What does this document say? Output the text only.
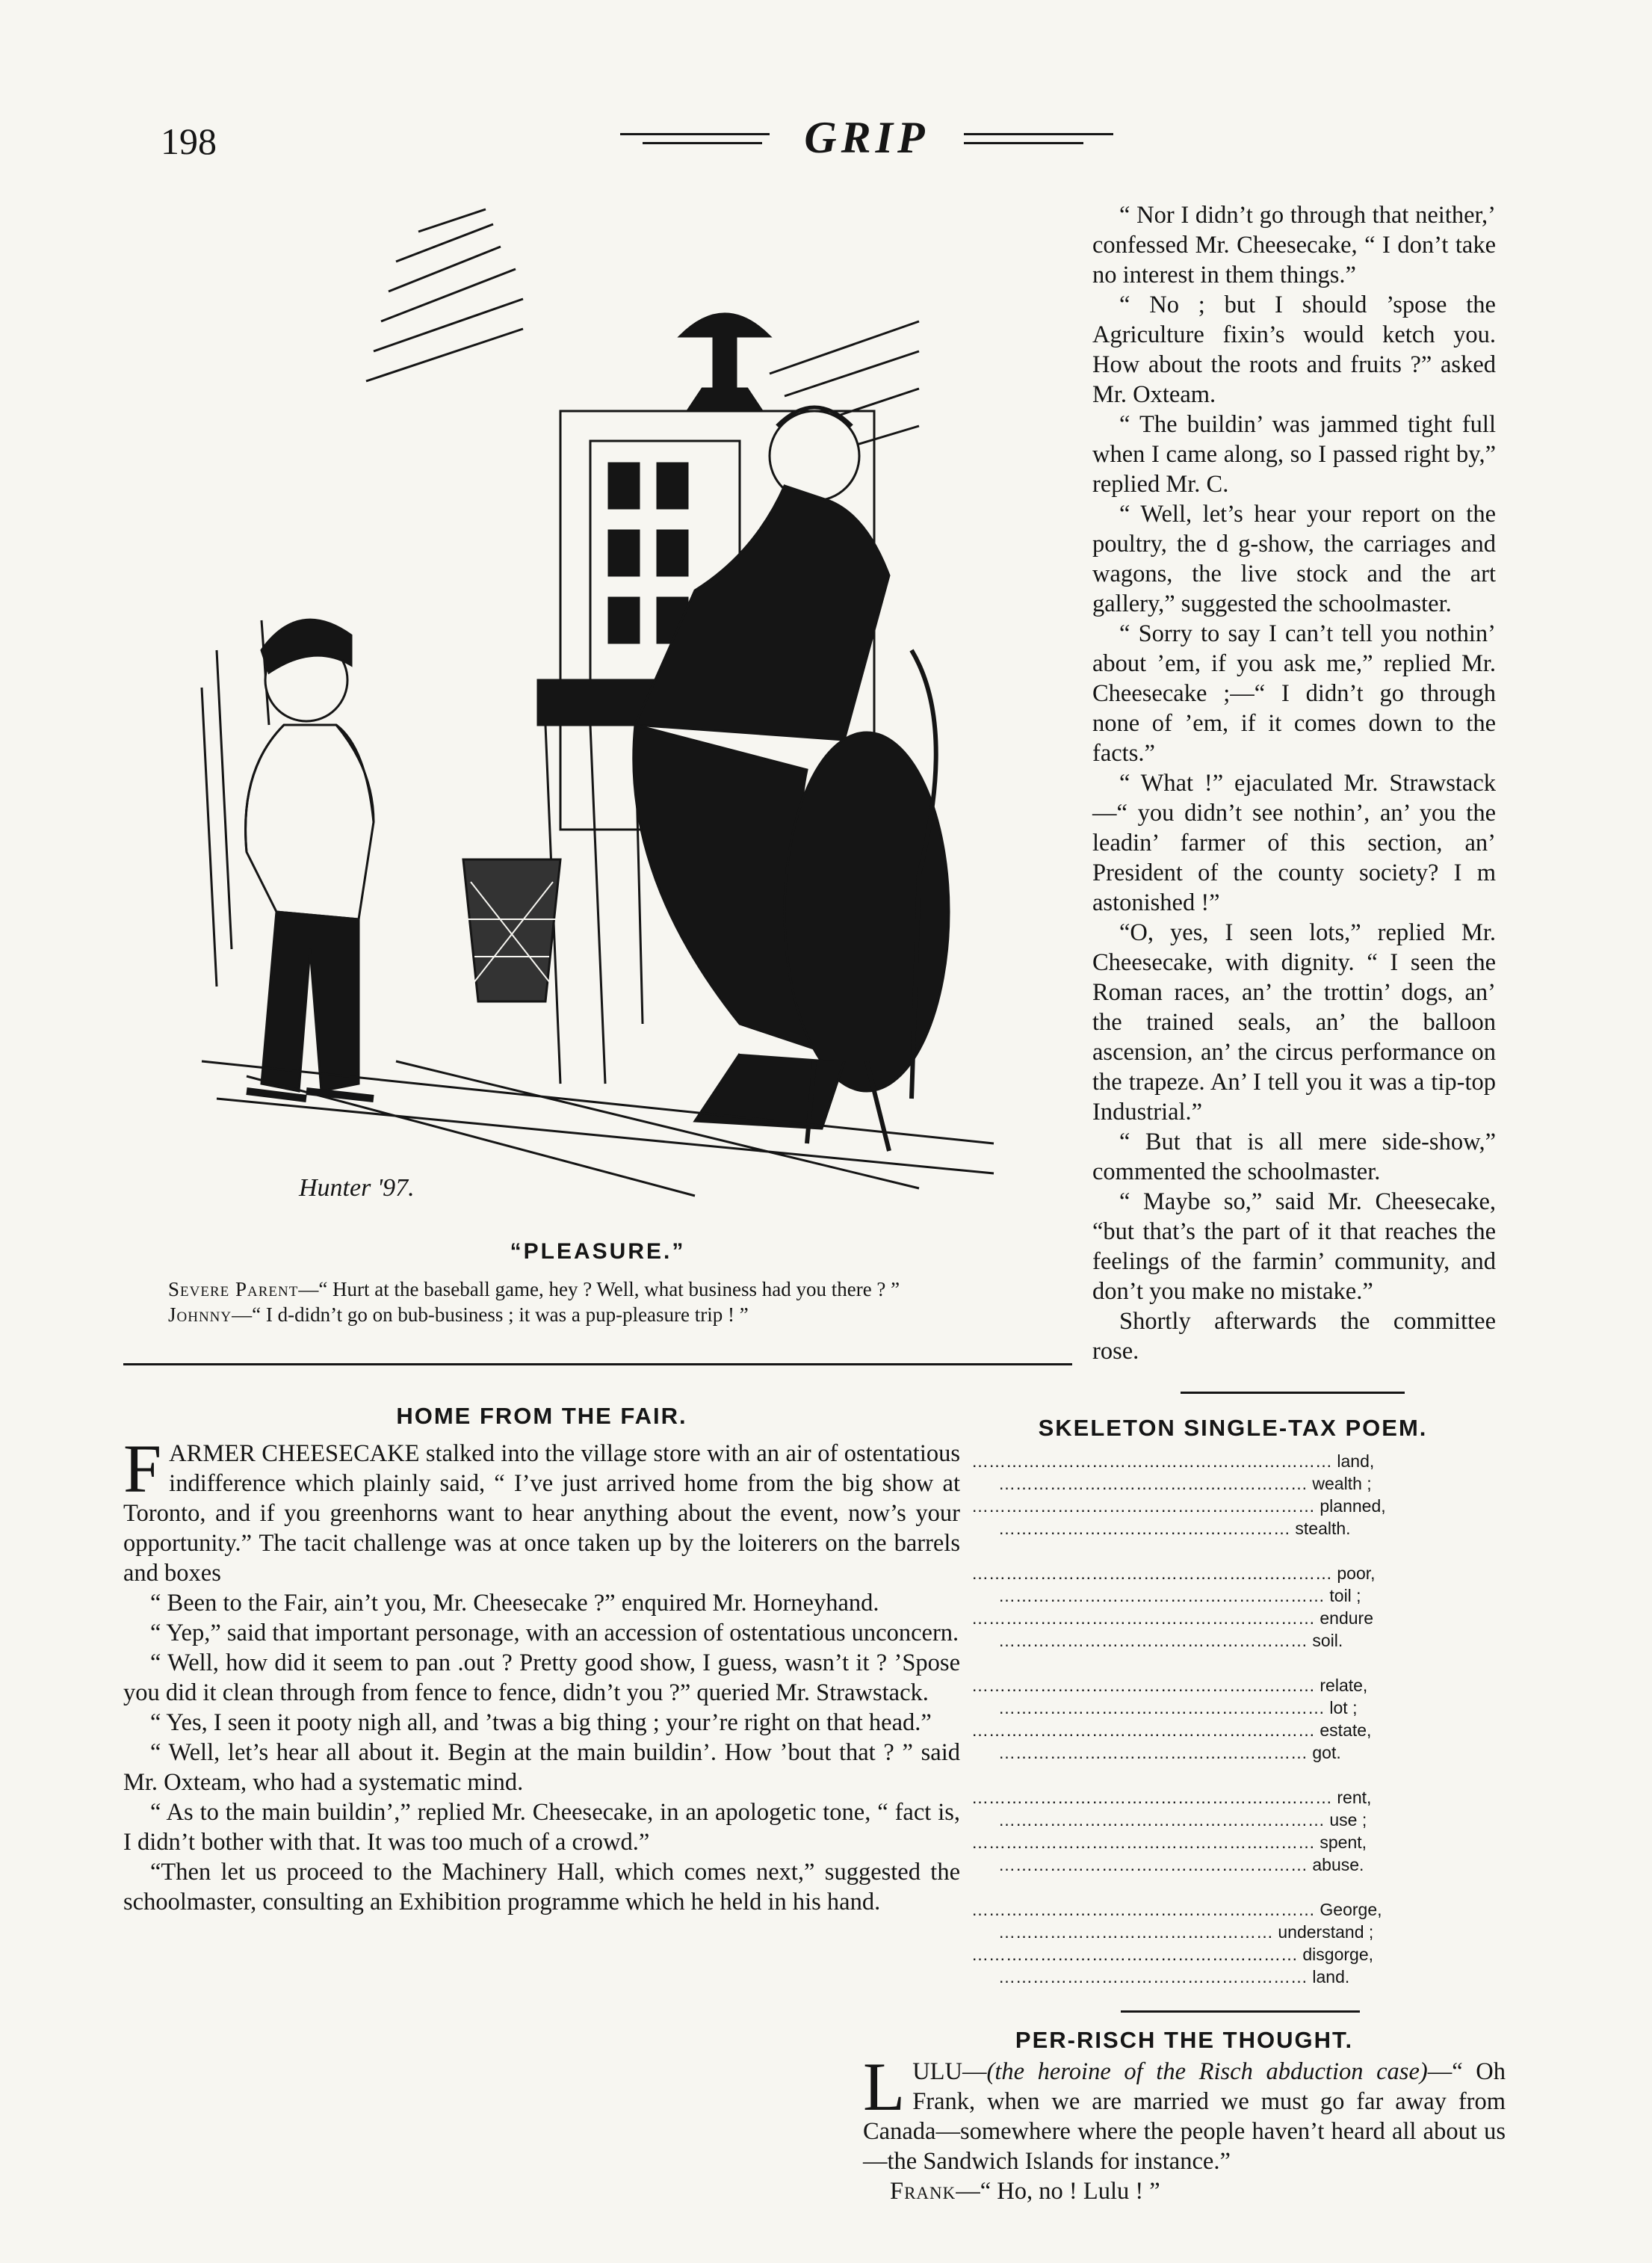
198	GRIP
Hunter '97.
“PLEASURE.”

Severe Parent—“ Hurt at the baseball game, hey ? Well, what business had you there ? ”

Johnny—“ I d-didn’t go on bub-business ; it was a pup-pleasure trip ! ”

“ Nor I didn’t go through that neither,’ confessed Mr. Cheesecake, “ I don’t take no interest in them things.”

“ No ; but I should ’spose the Agriculture fixin’s would ketch you. How about the roots and fruits ?” asked Mr. Oxteam.

“ The buildin’ was jammed tight full when I came along, so I passed right by,” replied Mr. C.

“ Well, let’s hear your report on the poultry, the d g-show, the carriages and wagons, the live stock and the art gallery,” suggested the schoolmaster.

“ Sorry to say I can’t tell you nothin’ about ’em, if you ask me,” replied Mr. Cheesecake ;—“ I didn’t go through none of ’em, if it comes down to the facts.”

“ What !” ejaculated Mr. Strawstack —“ you didn’t see nothin’, an’ you the leadin’ farmer of this section, an’ President of the county society? I m astonished !”

“O, yes, I seen lots,” replied Mr. Cheesecake, with dignity. “ I seen the Roman races, an’ the trottin’ dogs, an’ the trained seals, an’ the balloon ascension, an’ the circus performance on the trapeze. An’ I tell you it was a tip-top Industrial.”

“ But that is all mere side-show,” commented the schoolmaster.

“ Maybe so,” said Mr. Cheesecake, “but that’s the part of it that reaches the feelings of the farmin’ community, and don’t you make no mistake.”

Shortly afterwards the committee rose.

HOME FROM THE FAIR.

FARMER CHEESECAKE stalked into the village store with an air of ostentatious indifference which plainly said, “ I’ve just arrived home from the big show at Toronto, and if you greenhorns want to hear anything about the event, now’s your opportunity.” The tacit challenge was at once taken up by the loiterers on the barrels and boxes

“ Been to the Fair, ain’t you, Mr. Cheesecake ?” enquired Mr. Horneyhand.

“ Yep,” said that important personage, with an accession of ostentatious unconcern.

“ Well, how did it seem to pan .out ? Pretty good show, I guess, wasn’t it ? ’Spose you did it clean through from fence to fence, didn’t you ?” queried Mr. Strawstack.

“ Yes, I seen it pooty nigh all, and ’twas a big thing ; your’re right on that head.”

“ Well, let’s hear all about it. Begin at the main buildin’. How ’bout that ? ” said Mr. Oxteam, who had a systematic mind.

“ As to the main buildin’,” replied Mr. Cheesecake, in an apologetic tone, “ fact is, I didn’t bother with that. It was too much of a crowd.”

“Then let us proceed to the Machinery Hall, which comes next,” suggested the schoolmaster, consulting an Exhibition programme which he held in his hand.

SKELETON SINGLE-TAX POEM.
……………………………………………………… land,
……………………………………………… wealth ;
…………………………………………………… planned,
…………………………………………… stealth.
……………………………………………………… poor,
………………………………………………… toil ;
…………………………………………………… endure
……………………………………………… soil.
…………………………………………………… relate,
………………………………………………… lot ;
…………………………………………………… estate,
……………………………………………… got.
……………………………………………………… rent,
………………………………………………… use ;
…………………………………………………… spent,
……………………………………………… abuse.
…………………………………………………… George,
………………………………………… understand ;
………………………………………………… disgorge,
……………………………………………… land.
PER-RISCH THE THOUGHT.

LULU—(the heroine of the Risch abduction case)—“ Oh Frank, when we are married we must go far away from Canada—somewhere where the people haven’t heard all about us—the Sandwich Islands for instance.”

Frank—“ Ho, no ! Lulu ! ”
